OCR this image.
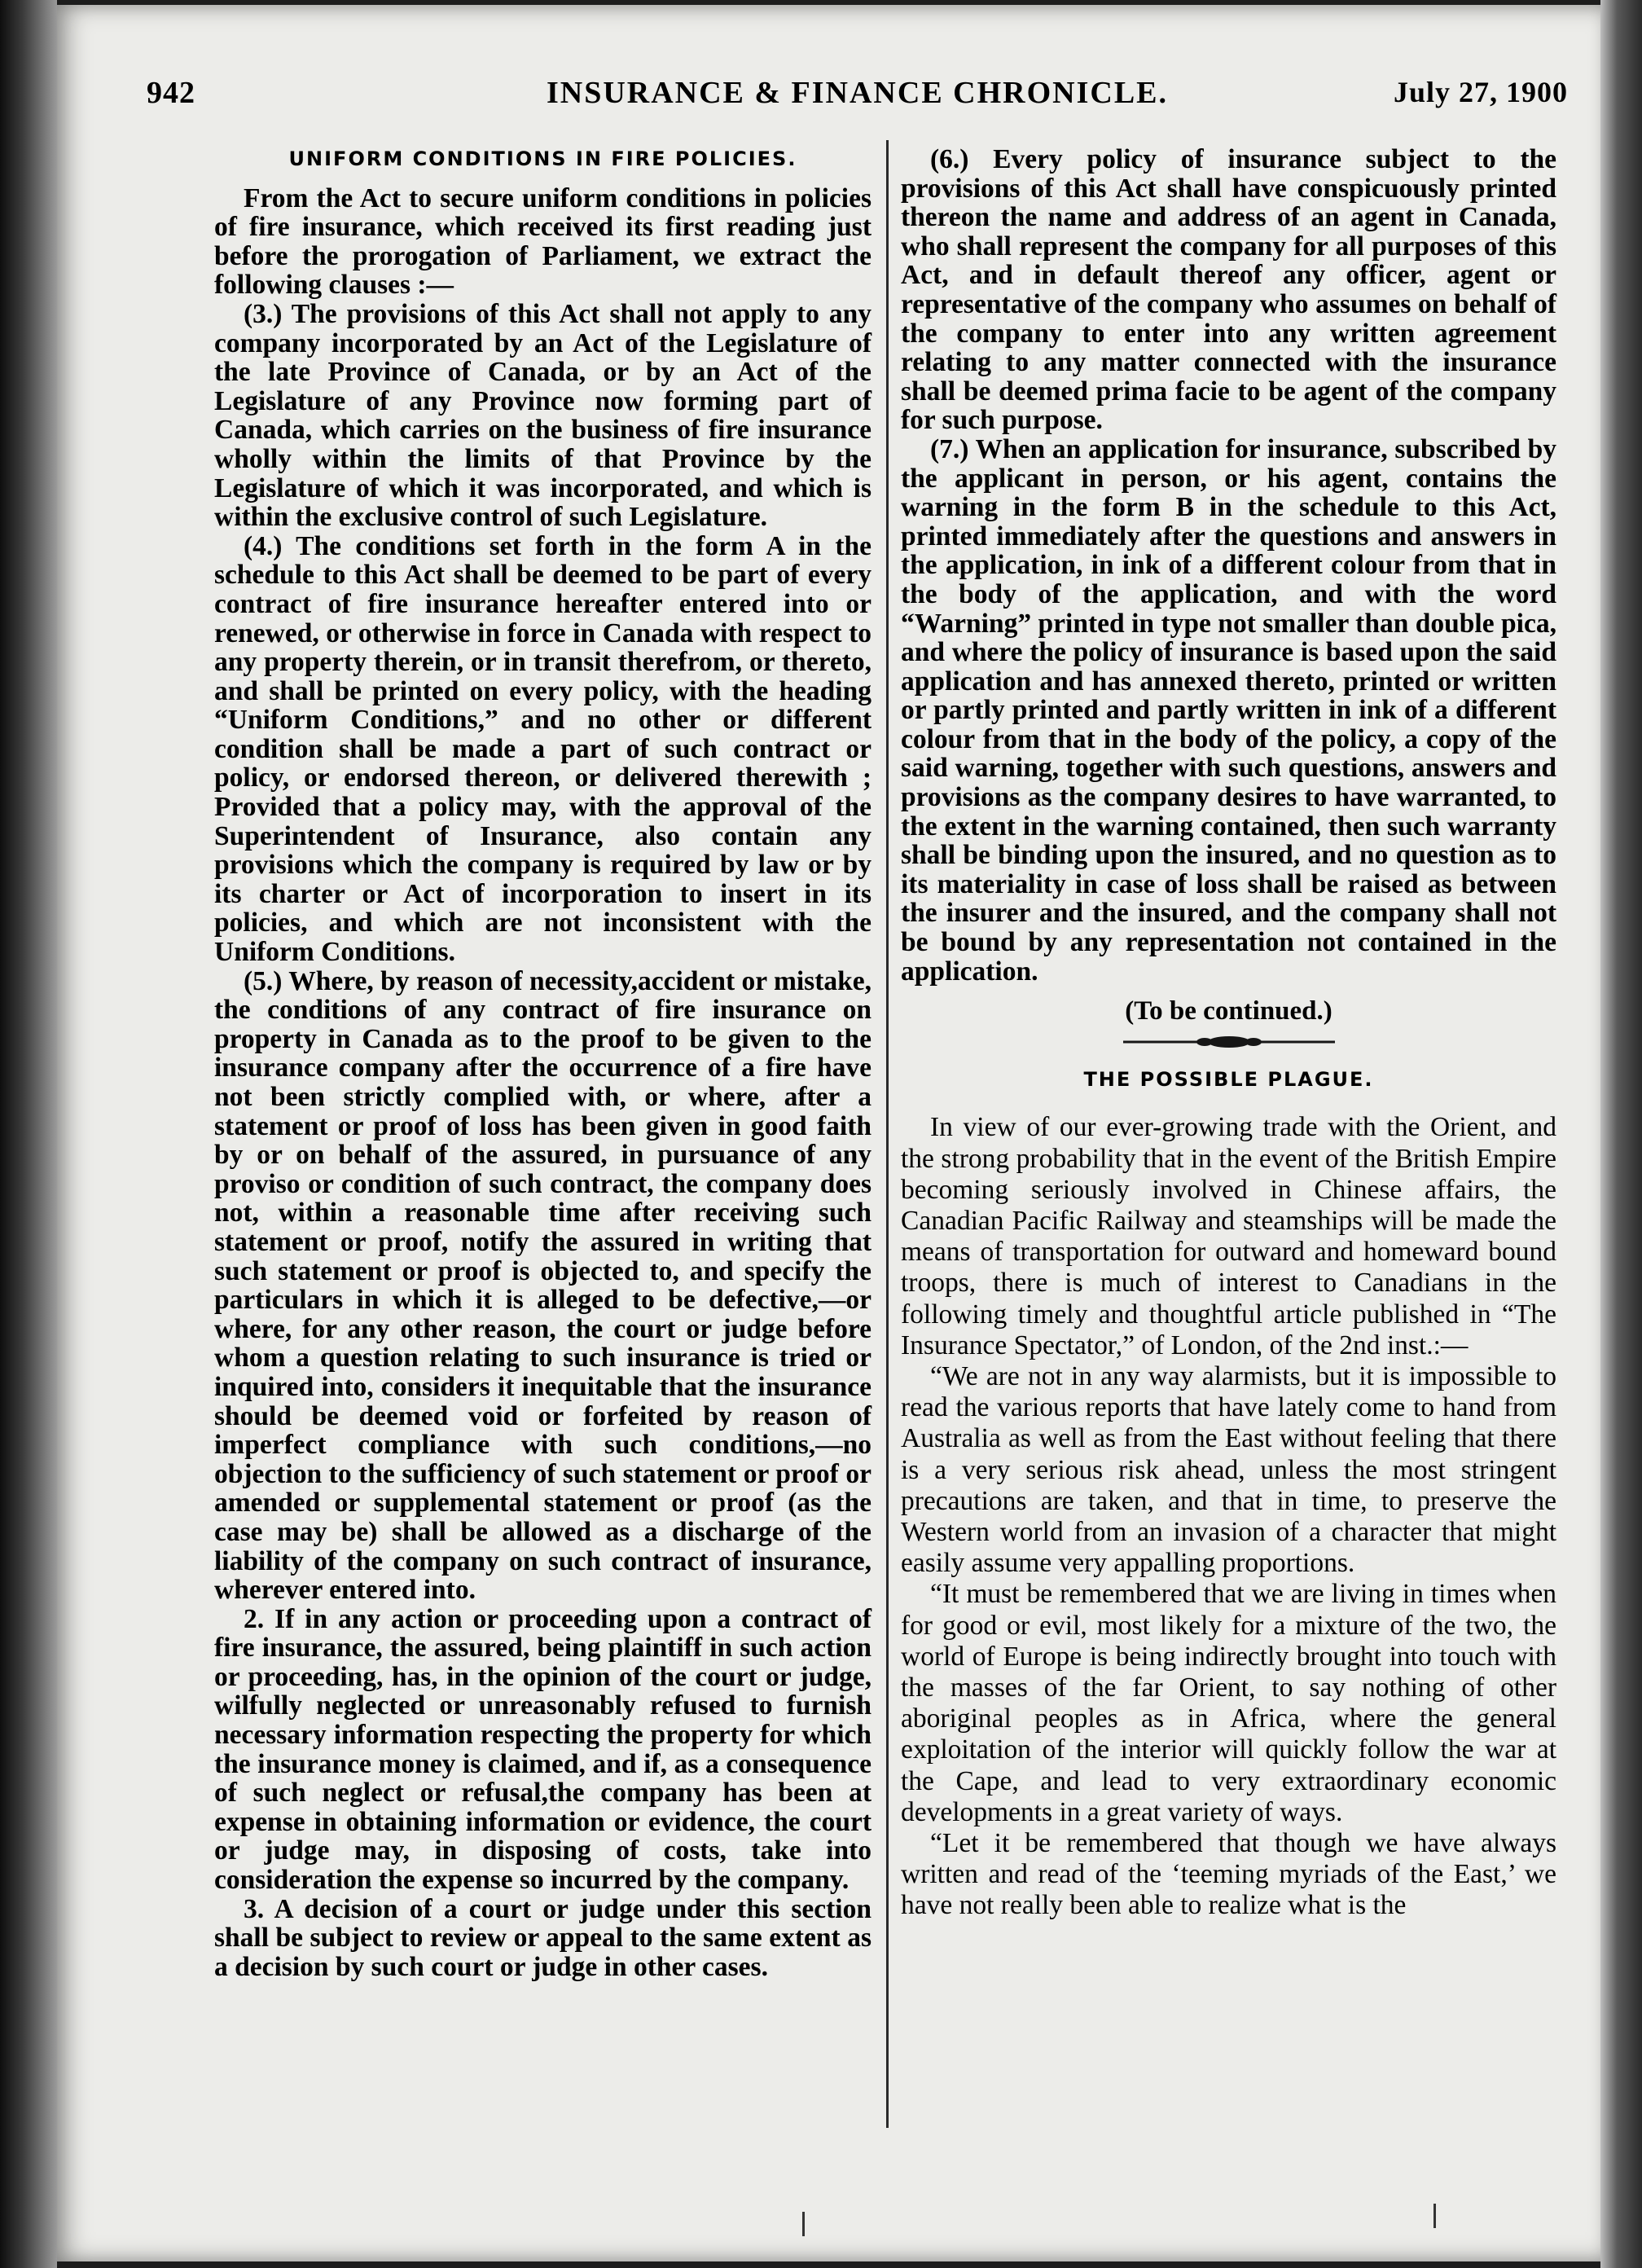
942	INSURANCE & FINANCE CHRONICLE.	July 27, 1900
UNIFORM CONDITIONS IN FIRE POLICIES.

From the Act to secure uniform conditions in policies of fire insurance, which received its first reading just before the prorogation of Parliament, we extract the following clauses :—

(3.) The provisions of this Act shall not apply to any company incorporated by an Act of the Legislature of the late Province of Canada, or by an Act of the Legislature of any Province now forming part of Canada, which carries on the business of fire insurance wholly within the limits of that Province by the Legislature of which it was incorporated, and which is within the exclusive control of such Legislature.

(4.) The conditions set forth in the form A in the schedule to this Act shall be deemed to be part of every contract of fire insurance hereafter entered into or renewed, or otherwise in force in Canada with respect to any property therein, or in transit therefrom, or thereto, and shall be printed on every policy, with the heading “Uniform Conditions,” and no other or different condition shall be made a part of such contract or policy, or endorsed thereon, or delivered therewith ; Provided that a policy may, with the approval of the Superintendent of Insurance, also contain any provisions which the company is required by law or by its charter or Act of incorporation to insert in its policies, and which are not inconsistent with the Uniform Conditions.

(5.) Where, by reason of necessity,accident or mistake, the conditions of any contract of fire insurance on property in Canada as to the proof to be given to the insurance company after the occurrence of a fire have not been strictly complied with, or where, after a statement or proof of loss has been given in good faith by or on behalf of the assured, in pursuance of any proviso or condition of such contract, the company does not, within a reasonable time after receiving such statement or proof, notify the assured in writing that such statement or proof is objected to, and specify the particulars in which it is alleged to be defective,—or where, for any other reason, the court or judge before whom a question relating to such insurance is tried or inquired into, considers it inequitable that the insurance should be deemed void or forfeited by reason of imperfect compliance with such conditions,—no objection to the sufficiency of such statement or proof or amended or supplemental statement or proof (as the case may be) shall be allowed as a discharge of the liability of the company on such contract of insurance, wherever entered into.

2. If in any action or proceeding upon a contract of fire insurance, the assured, being plaintiff in such action or proceeding, has, in the opinion of the court or judge, wilfully neglected or unreasonably refused to furnish necessary information respecting the property for which the insurance money is claimed, and if, as a consequence of such neglect or refusal,the company has been at expense in obtaining information or evidence, the court or judge may, in disposing of costs, take into consideration the expense so incurred by the company.

3. A decision of a court or judge under this section shall be subject to review or appeal to the same extent as a decision by such court or judge in other cases.

(6.) Every policy of insurance subject to the provisions of this Act shall have conspicuously printed thereon the name and address of an agent in Canada, who shall represent the company for all purposes of this Act, and in default thereof any officer, agent or representative of the company who assumes on behalf of the company to enter into any written agreement relating to any matter connected with the insurance shall be deemed prima facie to be agent of the company for such purpose.

(7.) When an application for insurance, subscribed by the applicant in person, or his agent, contains the warning in the form B in the schedule to this Act, printed immediately after the questions and answers in the application, in ink of a different colour from that in the body of the application, and with the word “Warning” printed in type not smaller than double pica, and where the policy of insurance is based upon the said application and has annexed thereto, printed or written or partly printed and partly written in ink of a different colour from that in the body of the policy, a copy of the said warning, together with such questions, answers and provisions as the company desires to have warranted, to the extent in the warning contained, then such warranty shall be binding upon the insured, and no question as to its materiality in case of loss shall be raised as between the insurer and the insured, and the company shall not be bound by any representation not contained in the application.

(To be continued.)
THE POSSIBLE PLAGUE.

In view of our ever-growing trade with the Orient, and the strong probability that in the event of the British Empire becoming seriously involved in Chinese affairs, the Canadian Pacific Railway and steamships will be made the means of transportation for outward and homeward bound troops, there is much of interest to Canadians in the following timely and thoughtful article published in “The Insurance Spectator,” of London, of the 2nd inst.:—

“We are not in any way alarmists, but it is impossible to read the various reports that have lately come to hand from Australia as well as from the East without feeling that there is a very serious risk ahead, unless the most stringent precautions are taken, and that in time, to preserve the Western world from an invasion of a character that might easily assume very appalling proportions.

“It must be remembered that we are living in times when for good or evil, most likely for a mixture of the two, the world of Europe is being indirectly brought into touch with the masses of the far Orient, to say nothing of other aboriginal peoples as in Africa, where the general exploitation of the interior will quickly follow the war at the Cape, and lead to very extraordinary economic developments in a great variety of ways.

“Let it be remembered that though we have always written and read of the ‘teeming myriads of the East,’ we have not really been able to realize what is the
